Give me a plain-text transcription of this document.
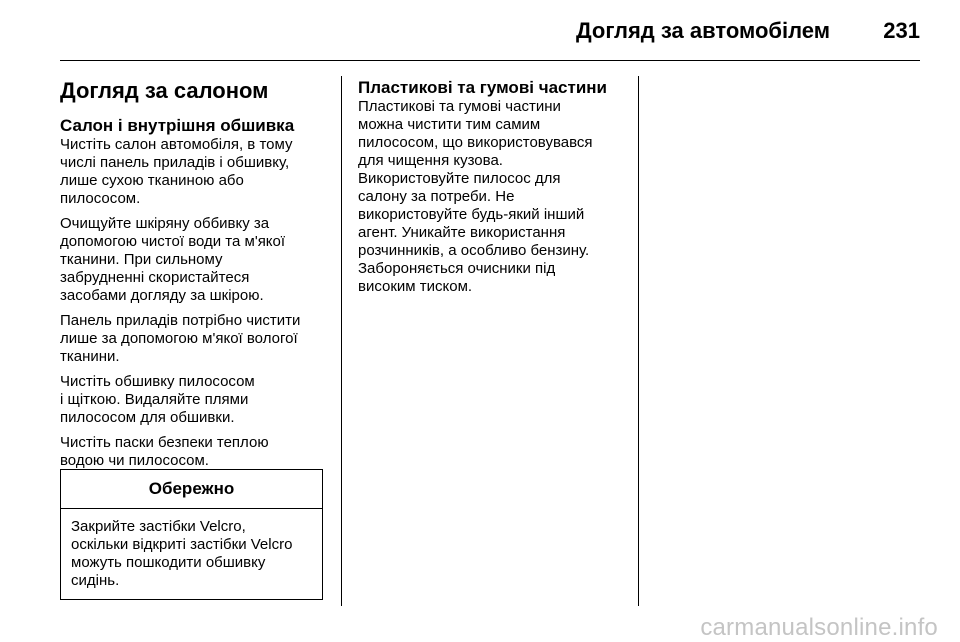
Догляд за автомобілем	231
Догляд за салоном
Салон і внутрішня обшивка

Чистіть салон автомобіля, в тому
числі панель приладів і обшивку,
лише сухою тканиною або
пилососом.

Очищуйте шкіряну оббивку за
допомогою чистої води та м'якої
тканини. При сильному
забрудненні скористайтеся
засобами догляду за шкірою.

Панель приладів потрібно чистити
лише за допомогою м'якої вологої
тканини.

Чистіть обшивку пилососом
і щіткою. Видаляйте плями
пилососом для обшивки.

Чистіть паски безпеки теплою
водою чи пилососом.

Обережно
Закрийте застібки Velcro,
оскільки відкриті застібки Velcro
можуть пошкодити обшивку
сидінь.
Пластикові та гумові частини

Пластикові та гумові частини
можна чистити тим самим
пилососом, що використовувався
для чищення кузова.
Використовуйте пилосос для
салону за потреби. Не
використовуйте будь-який інший
агент. Уникайте використання
розчинників, а особливо бензину.
Забороняється очисники під
високим тиском.

carmanualsonline.info
